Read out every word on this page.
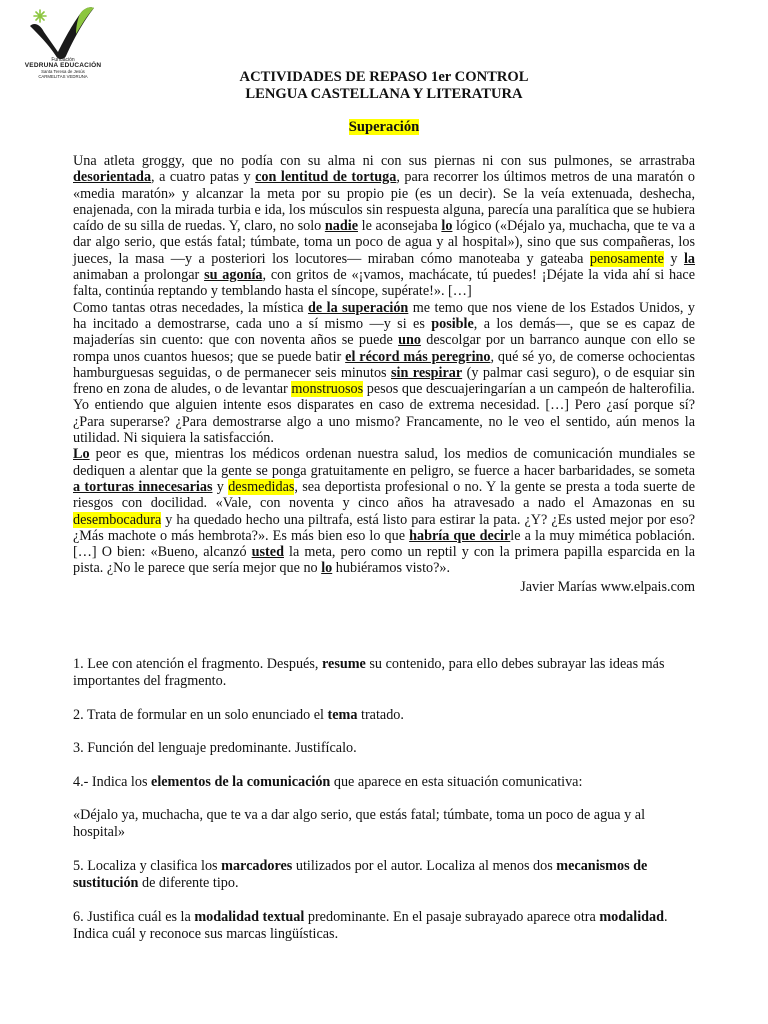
Fundación
VEDRUNA EDUCACIÓN
Santa Teresa de Jesús
CARMELITAS VEDRUNA	ACTIVIDADES DE REPASO 1er CONTROL
LENGUA CASTELLANA Y LITERATURA
Superación

Una atleta groggy, que no podía con su alma ni con sus piernas ni con sus pulmones, se arrastraba desorientada, a cuatro patas y con lentitud de tortuga, para recorrer los últimos metros de una maratón o «media maratón» y alcanzar la meta por su propio pie (es un decir). Se la veía extenuada, deshecha, enajenada, con la mirada turbia e ida, los músculos sin respuesta alguna, parecía una paralítica que se hubiera caído de su silla de ruedas. Y, claro, no solo nadie le aconsejaba lo lógico («Déjalo ya, muchacha, que te va a dar algo serio, que estás fatal; túmbate, toma un poco de agua y al hospital»), sino que sus compañeras, los jueces, la masa —y a posteriori los locutores— miraban cómo manoteaba y gateaba penosamente y la animaban a prolongar su agonía, con gritos de «¡vamos, machácate, tú puedes! ¡Déjate la vida ahí si hace falta, continúa reptando y temblando hasta el síncope, supérate!». […]

Como tantas otras necedades, la mística de la superación me temo que nos viene de los Estados Unidos, y ha incitado a demostrarse, cada uno a sí mismo —y si es posible, a los demás—, que se es capaz de majaderías sin cuento: que con noventa años se puede uno descolgar por un barranco aunque con ello se rompa unos cuantos huesos; que se puede batir el récord más peregrino, qué sé yo, de comerse ochocientas hamburguesas seguidas, o de permanecer seis minutos sin respirar (y palmar casi seguro), o de esquiar sin freno en zona de aludes, o de levantar monstruosos pesos que descuajeringarían a un campeón de halterofilia. Yo entiendo que alguien intente esos disparates en caso de extrema necesidad. […] Pero ¿así porque sí? ¿Para superarse? ¿Para demostrarse algo a uno mismo? Francamente, no le veo el sentido, aún menos la utilidad. Ni siquiera la satisfacción.

Lo peor es que, mientras los médicos ordenan nuestra salud, los medios de comunicación mundiales se dediquen a alentar que la gente se ponga gratuitamente en peligro, se fuerce a hacer barbaridades, se someta a torturas innecesarias y desmedidas, sea deportista profesional o no. Y la gente se presta a toda suerte de riesgos con docilidad. «Vale, con noventa y cinco años ha atravesado a nado el Amazonas en su desembocadura y ha quedado hecho una piltrafa, está listo para estirar la pata. ¿Y? ¿Es usted mejor por eso? ¿Más machote o más hembrota?». Es más bien eso lo que habría que decirle a la muy mimética población. […] O bien: «Bueno, alcanzó usted la meta, pero como un reptil y con la primera papilla esparcida en la pista. ¿No le parece que sería mejor que no lo hubiéramos visto?».

Javier Marías www.elpais.com

1. Lee con atención el fragmento. Después, resume su contenido, para ello debes subrayar las ideas más importantes del fragmento.

2. Trata de formular en un solo enunciado el tema tratado.

3. Función del lenguaje predominante. Justifícalo.

4.- Indica los elementos de la comunicación que aparece en esta situación comunicativa:

«Déjalo ya, muchacha, que te va a dar algo serio, que estás fatal; túmbate, toma un poco de agua y al hospital»

5. Localiza y clasifica los marcadores utilizados por el autor. Localiza al menos dos mecanismos de sustitución de diferente tipo.

6. Justifica cuál es la modalidad textual predominante. En el pasaje subrayado aparece otra modalidad. Indica cuál y reconoce sus marcas lingüísticas.
